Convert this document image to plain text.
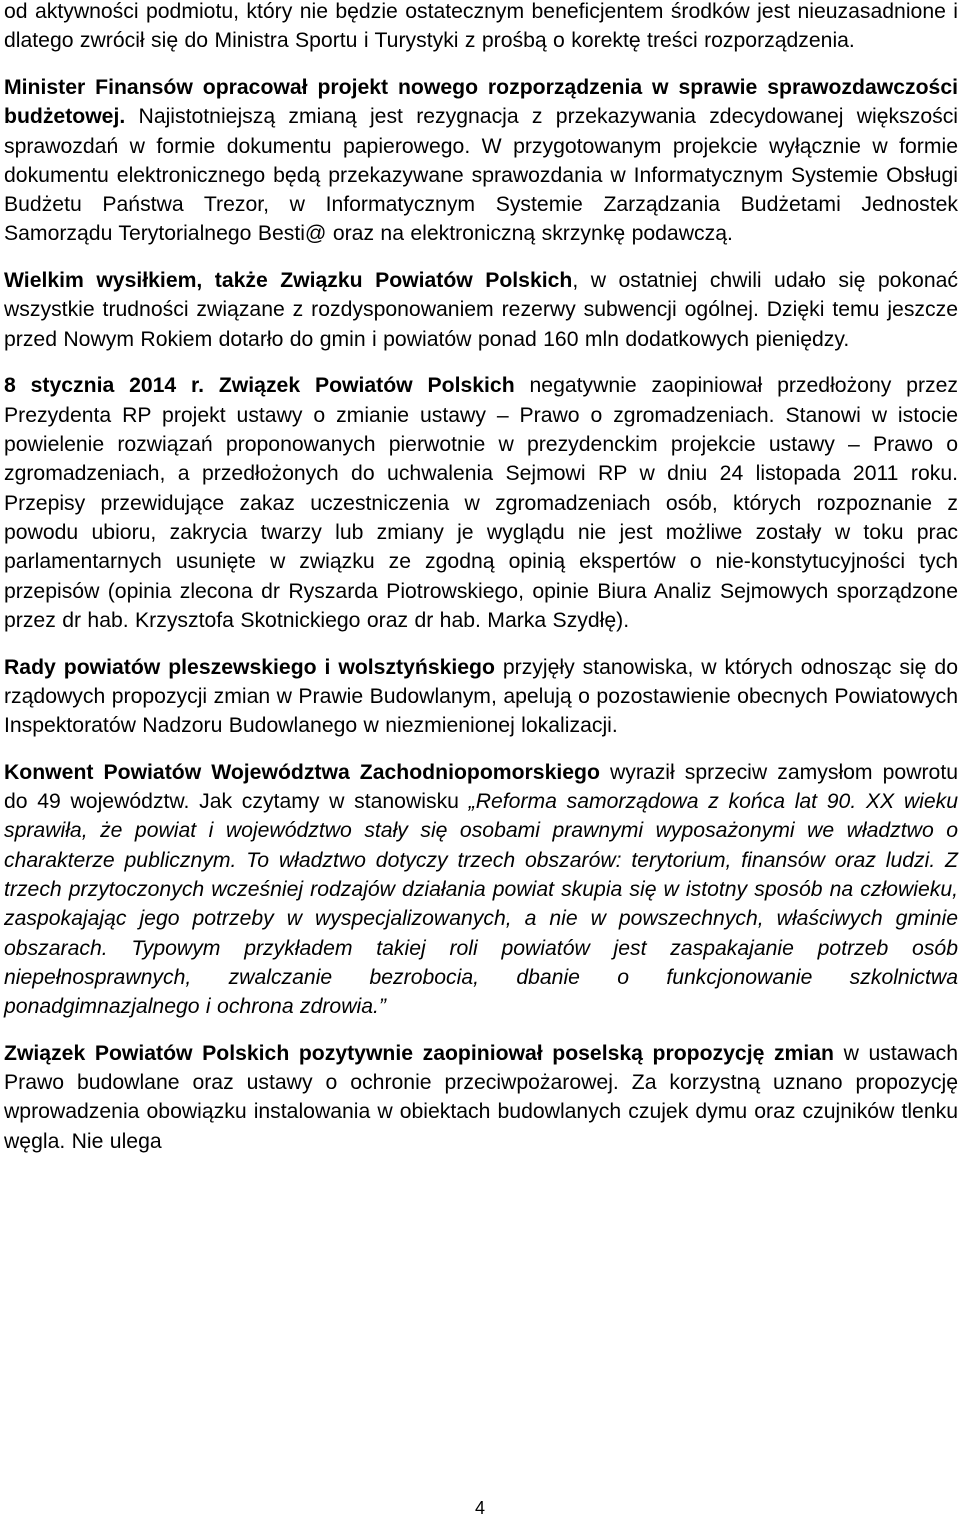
od aktywności podmiotu, który nie będzie ostatecznym beneficjentem środków jest nieuzasadnione i dlatego zwrócił się do Ministra Sportu i Turystyki z prośbą o korektę treści rozporządzenia.

Minister Finansów opracował projekt nowego rozporządzenia w sprawie sprawozdawczości budżetowej. Najistotniejszą zmianą jest rezygnacja z przekazywania zdecydowanej większości sprawozdań w formie dokumentu papierowego. W przygotowanym projekcie wyłącznie w formie dokumentu elektronicznego będą przekazywane sprawozdania w Informatycznym Systemie Obsługi Budżetu Państwa Trezor, w Informatycznym Systemie Zarządzania Budżetami Jednostek Samorządu Terytorialnego Besti@ oraz na elektroniczną skrzynkę podawczą.

Wielkim wysiłkiem, także Związku Powiatów Polskich, w ostatniej chwili udało się pokonać wszystkie trudności związane z rozdysponowaniem rezerwy subwencji ogólnej. Dzięki temu jeszcze przed Nowym Rokiem dotarło do gmin i powiatów ponad 160 mln dodatkowych pieniędzy.

8 stycznia 2014 r. Związek Powiatów Polskich negatywnie zaopiniował przedłożony przez Prezydenta RP projekt ustawy o zmianie ustawy – Prawo o zgromadzeniach. Stanowi w istocie powielenie rozwiązań proponowanych pierwotnie w prezydenckim projekcie ustawy – Prawo o zgromadzeniach, a przedłożonych do uchwalenia Sejmowi RP w dniu 24 listopada 2011 roku. Przepisy przewidujące zakaz uczestniczenia w zgromadzeniach osób, których rozpoznanie z powodu ubioru, zakrycia twarzy lub zmiany je wyglądu nie jest możliwe zostały w toku prac parlamentarnych usunięte w związku ze zgodną opinią ekspertów o nie-konstytucyjności tych przepisów (opinia zlecona dr Ryszarda Piotrowskiego, opinie Biura Analiz Sejmowych sporządzone przez dr hab. Krzysztofa Skotnickiego oraz dr hab. Marka Szydłę).

Rady powiatów pleszewskiego i wolsztyńskiego przyjęły stanowiska, w których odnosząc się do rządowych propozycji zmian w Prawie Budowlanym, apelują o pozostawienie obecnych Powiatowych Inspektoratów Nadzoru Budowlanego w niezmienionej lokalizacji.

Konwent Powiatów Województwa Zachodniopomorskiego wyraził sprzeciw zamysłom powrotu do 49 województw. Jak czytamy w stanowisku „Reforma samorządowa z końca lat 90. XX wieku sprawiła, że powiat i województwo stały się osobami prawnymi wyposażonymi we władztwo o charakterze publicznym. To władztwo dotyczy trzech obszarów: terytorium, finansów oraz ludzi. Z trzech przytoczonych wcześniej rodzajów działania powiat skupia się w istotny sposób na człowieku, zaspokajając jego potrzeby w wyspecjalizowanych, a nie w powszechnych, właściwych gminie obszarach. Typowym przykładem takiej roli powiatów jest zaspakajanie potrzeb osób niepełnosprawnych, zwalczanie bezrobocia, dbanie o funkcjonowanie szkolnictwa ponadgimnazjalnego i ochrona zdrowia.”

Związek Powiatów Polskich pozytywnie zaopiniował poselską propozycję zmian w ustawach Prawo budowlane oraz ustawy o ochronie przeciwpożarowej. Za korzystną uznano propozycję wprowadzenia obowiązku instalowania w obiektach budowlanych czujek dymu oraz czujników tlenku węgla. Nie ulega

4
